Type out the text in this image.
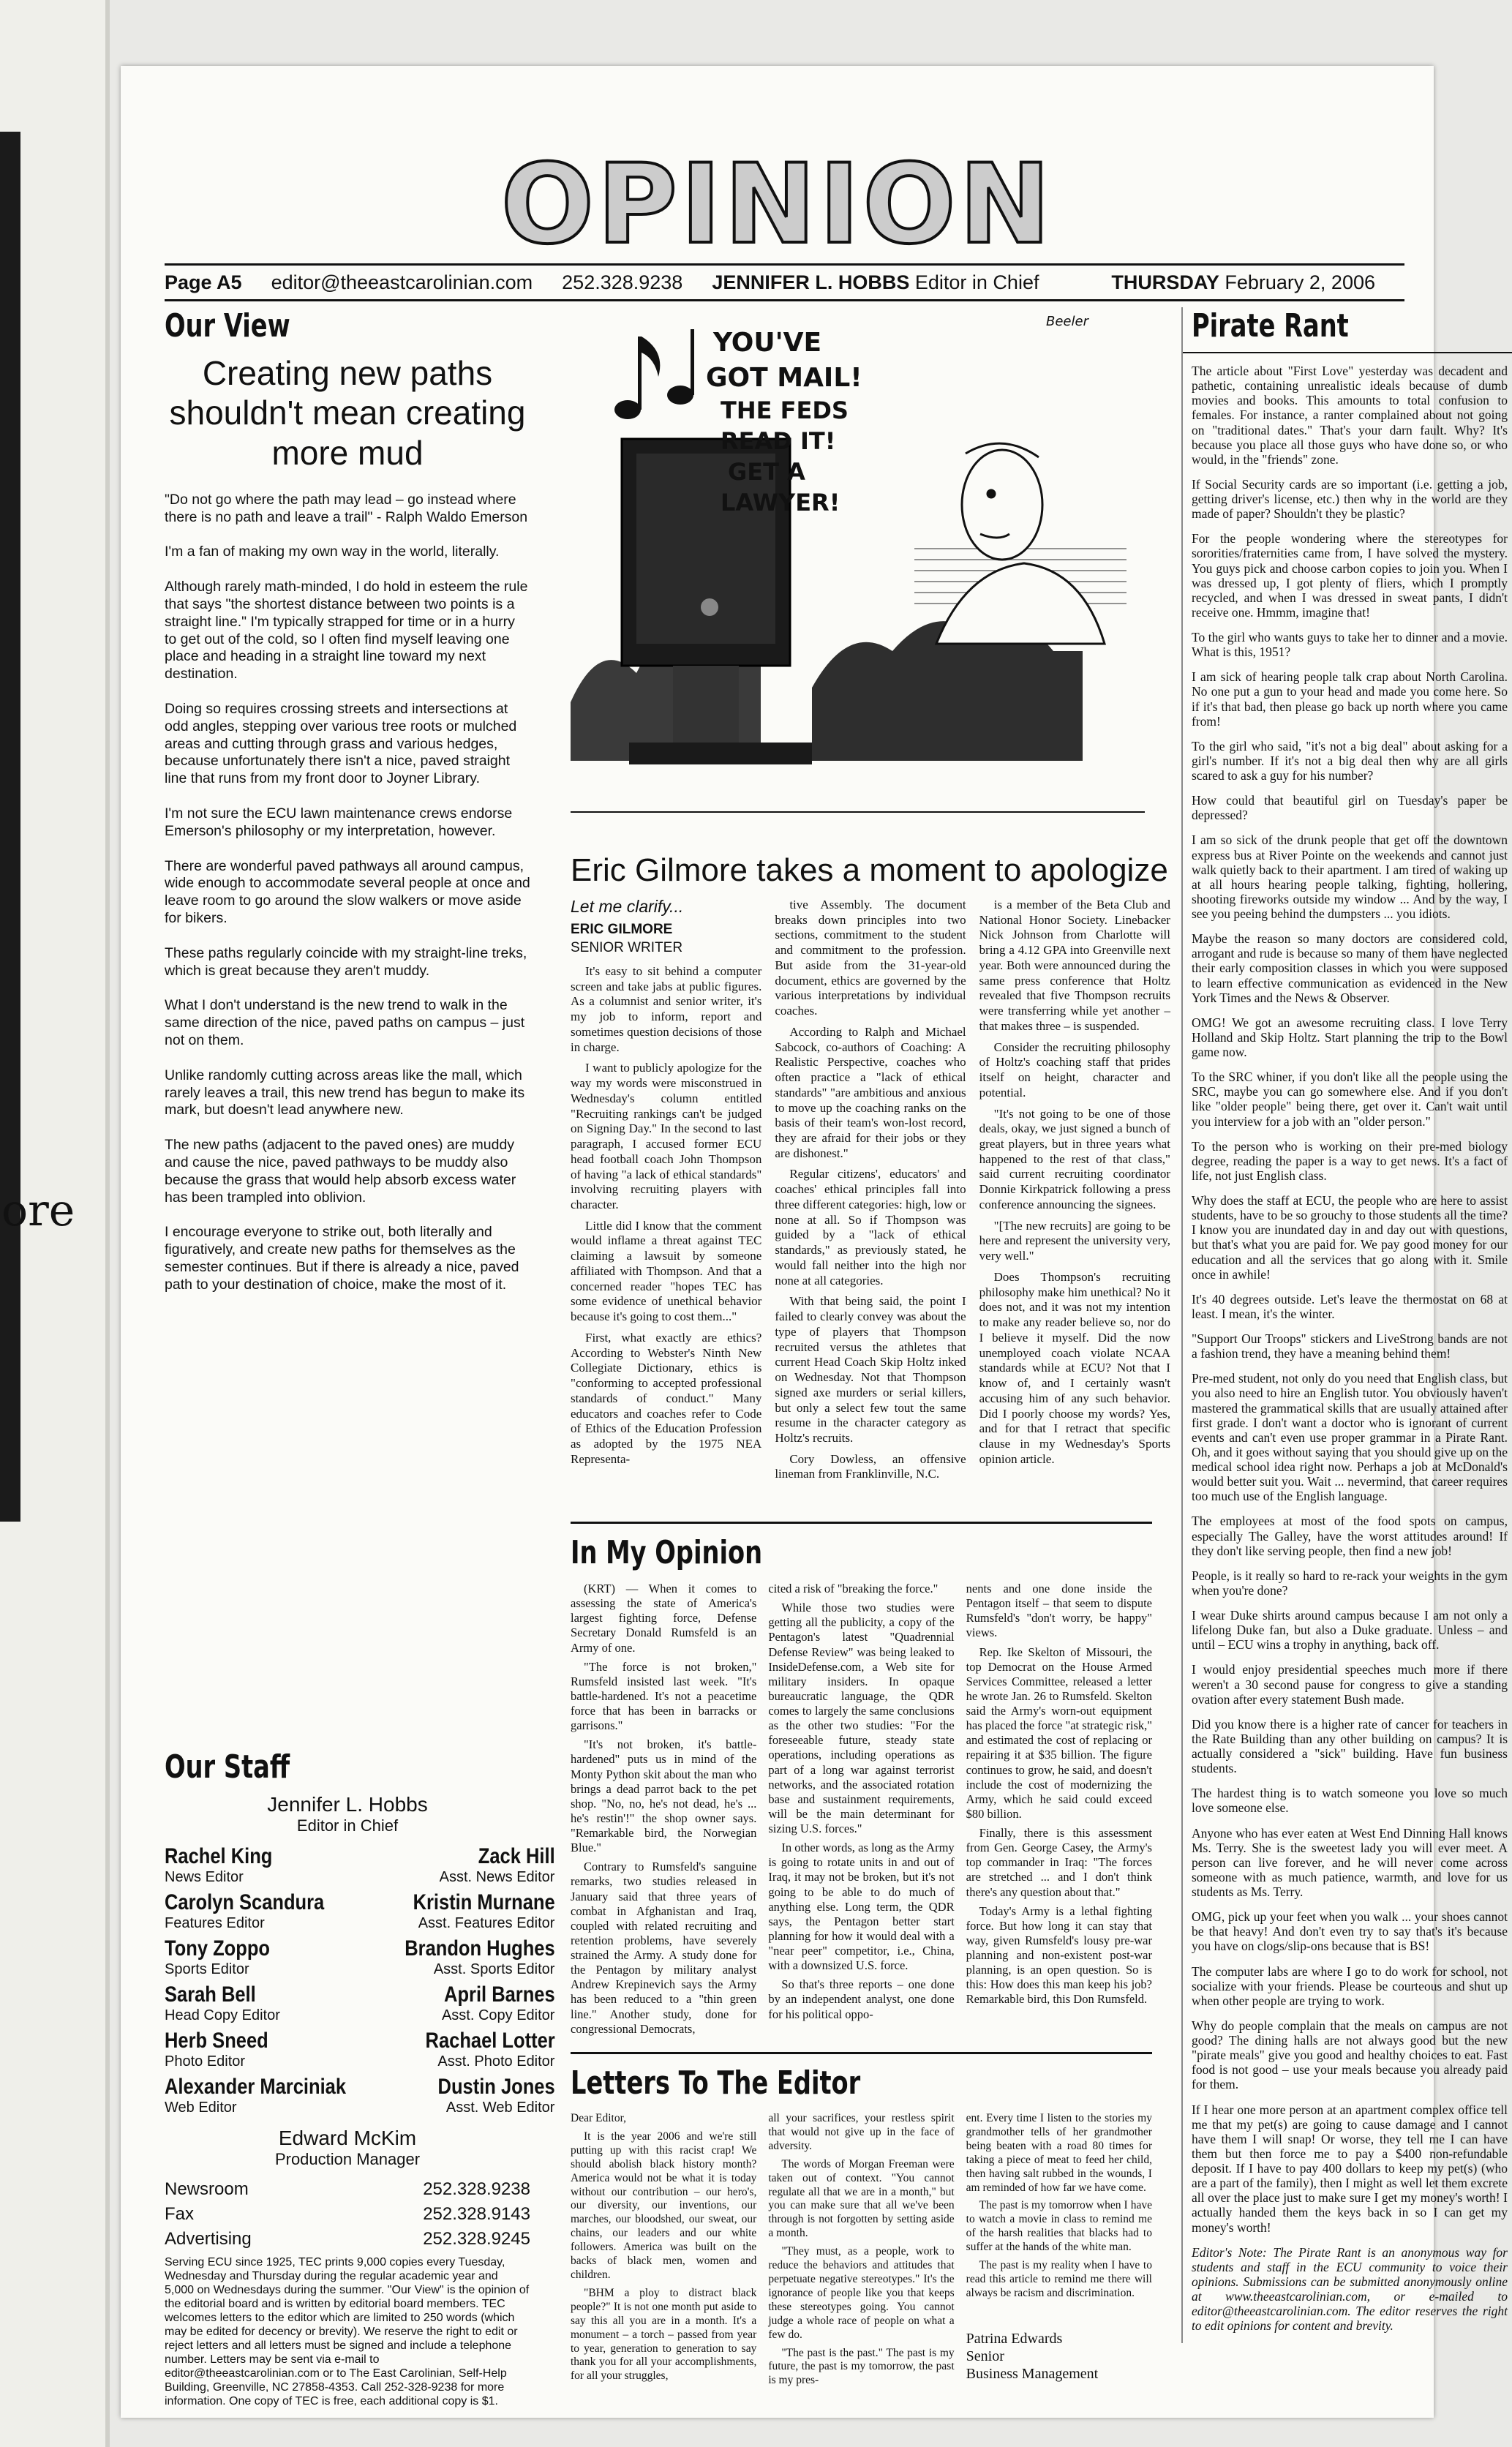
ore
OPINION
Page A5 editor@theeastcarolinian.com 252.328.9238 JENNIFER L. HOBBS Editor in Chief	THURSDAY February 2, 2006
Our View
Creating new paths shouldn't mean creating more mud

"Do not go where the path may lead – go instead where there is no path and leave a trail" - Ralph Waldo Emerson

I'm a fan of making my own way in the world, literally.

Although rarely math-minded, I do hold in esteem the rule that says "the shortest distance between two points is a straight line." I'm typically strapped for time or in a hurry to get out of the cold, so I often find myself leaving one place and heading in a straight line toward my next destination.

Doing so requires crossing streets and intersections at odd angles, stepping over various tree roots or mulched areas and cutting through grass and various hedges, because unfortunately there isn't a nice, paved straight line that runs from my front door to Joyner Library.

I'm not sure the ECU lawn maintenance crews endorse Emerson's philosophy or my interpretation, however.

There are wonderful paved pathways all around campus, wide enough to accommodate several people at once and leave room to go around the slow walkers or move aside for bikers.

These paths regularly coincide with my straight-line treks, which is great because they aren't muddy.

What I don't understand is the new trend to walk in the same direction of the nice, paved paths on campus – just not on them.

Unlike randomly cutting across areas like the mall, which rarely leaves a trail, this new trend has begun to make its mark, but doesn't lead anywhere new.

The new paths (adjacent to the paved ones) are muddy and cause the nice, paved pathways to be muddy also because the grass that would help absorb excess water has been trampled into oblivion.

I encourage everyone to strike out, both literally and figuratively, and create new paths for themselves as the semester continues. But if there is already a nice, paved path to your destination of choice, make the most of it.

Our Staff
Jennifer L. Hobbs
Editor in Chief
Rachel King
News Editor
Zack Hill
Asst. News Editor
Carolyn Scandura
Features Editor
Kristin Murnane
Asst. Features Editor
Tony Zoppo
Sports Editor
Brandon Hughes
Asst. Sports Editor
Sarah Bell
Head Copy Editor
April Barnes
Asst. Copy Editor
Herb Sneed
Photo Editor
Rachael Lotter
Asst. Photo Editor
Alexander Marciniak
Web Editor
Dustin Jones
Asst. Web Editor
Edward McKim
Production Manager
Newsroom	252.328.9238
Fax	252.328.9143
Advertising	252.328.9245
Serving ECU since 1925, TEC prints 9,000 copies every Tuesday, Wednesday and Thursday during the regular academic year and 5,000 on Wednesdays during the summer. "Our View" is the opinion of the editorial board and is written by editorial board members. TEC welcomes letters to the editor which are limited to 250 words (which may be edited for decency or brevity). We reserve the right to edit or reject letters and all letters must be signed and include a telephone number. Letters may be sent via e-mail to editor@theeastcarolinian.com or to The East Carolinian, Self-Help Building, Greenville, NC 27858-4353. Call 252-328-9238 for more information. One copy of TEC is free, each additional copy is $1.
YOU'VE
GOT MAIL!
THE FEDS
READ IT!
GET A
LAWYER!
Beeler
Eric Gilmore takes a moment to apologize
Let me clarify...
ERIC GILMORE
SENIOR WRITER

It's easy to sit behind a computer screen and take jabs at public figures. As a columnist and senior writer, it's my job to inform, report and sometimes question decisions of those in charge.

I want to publicly apologize for the way my words were misconstrued in Wednesday's column entitled "Recruiting rankings can't be judged on Signing Day." In the second to last paragraph, I accused former ECU head football coach John Thompson of having "a lack of ethical standards" involving recruiting players with character.

Little did I know that the comment would inflame a threat against TEC claiming a lawsuit by someone affiliated with Thompson. And that a concerned reader "hopes TEC has some evidence of unethical behavior because it's going to cost them..."

First, what exactly are ethics? According to Webster's Ninth New Collegiate Dictionary, ethics is "conforming to accepted professional standards of conduct." Many educators and coaches refer to Code of Ethics of the Education Profession as adopted by the 1975 NEA Representa-

tive Assembly. The document breaks down principles into two sections, commitment to the student and commitment to the profession. But aside from the 31-year-old document, ethics are governed by the various interpretations by individual coaches.

According to Ralph and Michael Sabcock, co-authors of Coaching: A Realistic Perspective, coaches who often practice a "lack of ethical standards" "are ambitious and anxious to move up the coaching ranks on the basis of their team's won-lost record, they are afraid for their jobs or they are dishonest."

Regular citizens', educators' and coaches' ethical principles fall into three different categories: high, low or none at all. So if Thompson was guided by a "lack of ethical standards," as previously stated, he would fall neither into the high nor none at all categories.

With that being said, the point I failed to clearly convey was about the type of players that Thompson recruited versus the athletes that current Head Coach Skip Holtz inked on Wednesday. Not that Thompson signed axe murders or serial killers, but only a select few tout the same resume in the character category as Holtz's recruits.

Cory Dowless, an offensive lineman from Franklinville, N.C.

is a member of the Beta Club and National Honor Society. Linebacker Nick Johnson from Charlotte will bring a 4.12 GPA into Greenville next year. Both were announced during the same press conference that Holtz revealed that five Thompson recruits were transferring while yet another – that makes three – is suspended.

Consider the recruiting philosophy of Holtz's coaching staff that prides itself on height, character and potential.

"It's not going to be one of those deals, okay, we just signed a bunch of great players, but in three years what happened to the rest of that class," said current recruiting coordinator Donnie Kirkpatrick following a press conference announcing the signees.

"[The new recruits] are going to be here and represent the university very, very well."

Does Thompson's recruiting philosophy make him unethical? No it does not, and it was not my intention to make any reader believe so, nor do I believe it myself. Did the now unemployed coach violate NCAA standards while at ECU? Not that I know of, and I certainly wasn't accusing him of any such behavior. Did I poorly choose my words? Yes, and for that I retract that specific clause in my Wednesday's Sports opinion article.

In My Opinion

(KRT) — When it comes to assessing the state of America's largest fighting force, Defense Secretary Donald Rumsfeld is an Army of one.

"The force is not broken," Rumsfeld insisted last week. "It's battle-hardened. It's not a peacetime force that has been in barracks or garrisons."

"It's not broken, it's battle-hardened" puts us in mind of the Monty Python skit about the man who brings a dead parrot back to the pet shop. "No, no, he's not dead, he's ... he's restin'!" the shop owner says. "Remarkable bird, the Norwegian Blue."

Contrary to Rumsfeld's sanguine remarks, two studies released in January said that three years of combat in Afghanistan and Iraq, coupled with related recruiting and retention problems, have severely strained the Army. A study done for the Pentagon by military analyst Andrew Krepinevich says the Army has been reduced to a "thin green line." Another study, done for congressional Democrats,

cited a risk of "breaking the force."

While those two studies were getting all the publicity, a copy of the Pentagon's latest "Quadrennial Defense Review" was being leaked to InsideDefense.com, a Web site for military insiders. In opaque bureaucratic language, the QDR comes to largely the same conclusions as the other two studies: "For the foreseeable future, steady state operations, including operations as part of a long war against terrorist networks, and the associated rotation base and sustainment requirements, will be the main determinant for sizing U.S. forces."

In other words, as long as the Army is going to rotate units in and out of Iraq, it may not be broken, but it's not going to be able to do much of anything else. Long term, the QDR says, the Pentagon better start planning for how it would deal with a "near peer" competitor, i.e., China, with a downsized U.S. force.

So that's three reports – one done by an independent analyst, one done for his political oppo-

nents and one done inside the Pentagon itself – that seem to dispute Rumsfeld's "don't worry, be happy" views.

Rep. Ike Skelton of Missouri, the top Democrat on the House Armed Services Committee, released a letter he wrote Jan. 26 to Rumsfeld. Skelton said the Army's worn-out equipment has placed the force "at strategic risk," and estimated the cost of replacing or repairing it at $35 billion. The figure continues to grow, he said, and doesn't include the cost of modernizing the Army, which he said could exceed $80 billion.

Finally, there is this assessment from Gen. George Casey, the Army's top commander in Iraq: "The forces are stretched ... and I don't think there's any question about that."

Today's Army is a lethal fighting force. But how long it can stay that way, given Rumsfeld's lousy pre-war planning and non-existent post-war planning, is an open question. So is this: How does this man keep his job? Remarkable bird, this Don Rumsfeld.

Letters To The Editor

Dear Editor,

It is the year 2006 and we're still putting up with this racist crap! We should abolish black history month? America would not be what it is today without our contribution – our hero's, our diversity, our inventions, our marches, our bloodshed, our sweat, our chains, our leaders and our white followers. America was built on the backs of black men, women and children.

"BHM a ploy to distract black people?" It is not one month put aside to say this all you are in a month. It's a monument – a torch – passed from year to year, generation to generation to say thank you for all your accomplishments, for all your struggles,

all your sacrifices, your restless spirit that would not give up in the face of adversity.

The words of Morgan Freeman were taken out of context. "You cannot regulate all that we are in a month," but you can make sure that all we've been through is not forgotten by setting aside a month.

"They must, as a people, work to reduce the behaviors and attitudes that perpetuate negative stereotypes." It's the ignorance of people like you that keeps these stereotypes going. You cannot judge a whole race of people on what a few do.

"The past is the past." The past is my future, the past is my tomorrow, the past is my pres-

ent. Every time I listen to the stories my grandmother tells of her grandmother being beaten with a road 80 times for taking a piece of meat to feed her child, then having salt rubbed in the wounds, I am reminded of how far we have come.

The past is my tomorrow when I have to watch a movie in class to remind me of the harsh realities that blacks had to suffer at the hands of the white man.

The past is my reality when I have to read this article to remind me there will always be racism and discrimination.

Patrina Edwards
Senior
Business Management
Pirate Rant

The article about "First Love" yesterday was decadent and pathetic, containing unrealistic ideals because of dumb movies and books. This amounts to total confusion to females. For instance, a ranter complained about not going on "traditional dates." That's your darn fault. Why? It's because you place all those guys who have done so, or who would, in the "friends" zone.

If Social Security cards are so important (i.e. getting a job, getting driver's license, etc.) then why in the world are they made of paper? Shouldn't they be plastic?

For the people wondering where the stereotypes for sororities/fraternities came from, I have solved the mystery. You guys pick and choose carbon copies to join you. When I was dressed up, I got plenty of fliers, which I promptly recycled, and when I was dressed in sweat pants, I didn't receive one. Hmmm, imagine that!

To the girl who wants guys to take her to dinner and a movie. What is this, 1951?

I am sick of hearing people talk crap about North Carolina. No one put a gun to your head and made you come here. So if it's that bad, then please go back up north where you came from!

To the girl who said, "it's not a big deal" about asking for a girl's number. If it's not a big deal then why are all girls scared to ask a guy for his number?

How could that beautiful girl on Tuesday's paper be depressed?

I am so sick of the drunk people that get off the downtown express bus at River Pointe on the weekends and cannot just walk quietly back to their apartment. I am tired of waking up at all hours hearing people talking, fighting, hollering, shooting fireworks outside my window ... And by the way, I see you peeing behind the dumpsters ... you idiots.

Maybe the reason so many doctors are considered cold, arrogant and rude is because so many of them have neglected their early composition classes in which you were supposed to learn effective communication as evidenced in the New York Times and the News & Observer.

OMG! We got an awesome recruiting class. I love Terry Holland and Skip Holtz. Start planning the trip to the Bowl game now.

To the SRC whiner, if you don't like all the people using the SRC, maybe you can go somewhere else. And if you don't like "older people" being there, get over it. Can't wait until you interview for a job with an "older person."

To the person who is working on their pre-med biology degree, reading the paper is a way to get news. It's a fact of life, not just English class.

Why does the staff at ECU, the people who are here to assist students, have to be so grouchy to those students all the time? I know you are inundated day in and day out with questions, but that's what you are paid for. We pay good money for our education and all the services that go along with it. Smile once in awhile!

It's 40 degrees outside. Let's leave the thermostat on 68 at least. I mean, it's the winter.

"Support Our Troops" stickers and LiveStrong bands are not a fashion trend, they have a meaning behind them!

Pre-med student, not only do you need that English class, but you also need to hire an English tutor. You obviously haven't mastered the grammatical skills that are usually attained after first grade. I don't want a doctor who is ignorant of current events and can't even use proper grammar in a Pirate Rant. Oh, and it goes without saying that you should give up on the medical school idea right now. Perhaps a job at McDonald's would better suit you. Wait ... nevermind, that career requires too much use of the English language.

The employees at most of the food spots on campus, especially The Galley, have the worst attitudes around! If they don't like serving people, then find a new job!

People, is it really so hard to re-rack your weights in the gym when you're done?

I wear Duke shirts around campus because I am not only a lifelong Duke fan, but also a Duke graduate. Unless – and until – ECU wins a trophy in anything, back off.

I would enjoy presidential speeches much more if there weren't a 30 second pause for congress to give a standing ovation after every statement Bush made.

Did you know there is a higher rate of cancer for teachers in the Rate Building than any other building on campus? It is actually considered a "sick" building. Have fun business students.

The hardest thing is to watch someone you love so much love someone else.

Anyone who has ever eaten at West End Dinning Hall knows Ms. Terry. She is the sweetest lady you will ever meet. A person can live forever, and he will never come across someone with as much patience, warmth, and love for us students as Ms. Terry.

OMG, pick up your feet when you walk ... your shoes cannot be that heavy! And don't even try to say that's it's because you have on clogs/slip-ons because that is BS!

The computer labs are where I go to do work for school, not socialize with your friends. Please be courteous and shut up when other people are trying to work.

Why do people complain that the meals on campus are not good? The dining halls are not always good but the new "pirate meals" give you good and healthy choices to eat. Fast food is not good – use your meals because you already paid for them.

If I hear one more person at an apartment complex office tell me that my pet(s) are going to cause damage and I cannot have them I will snap! Or worse, they tell me I can have them but then force me to pay a $400 non-refundable deposit. If I have to pay 400 dollars to keep my pet(s) (who are a part of the family), then I might as well let them excrete all over the place just to make sure I get my money's worth! I actually handed them the keys back in so I can get my money's worth!

Editor's Note: The Pirate Rant is an anonymous way for students and staff in the ECU community to voice their opinions. Submissions can be submitted anonymously online at www.theeastcarolinian.com, or e-mailed to editor@theeastcarolinian.com. The editor reserves the right to edit opinions for content and brevity.
